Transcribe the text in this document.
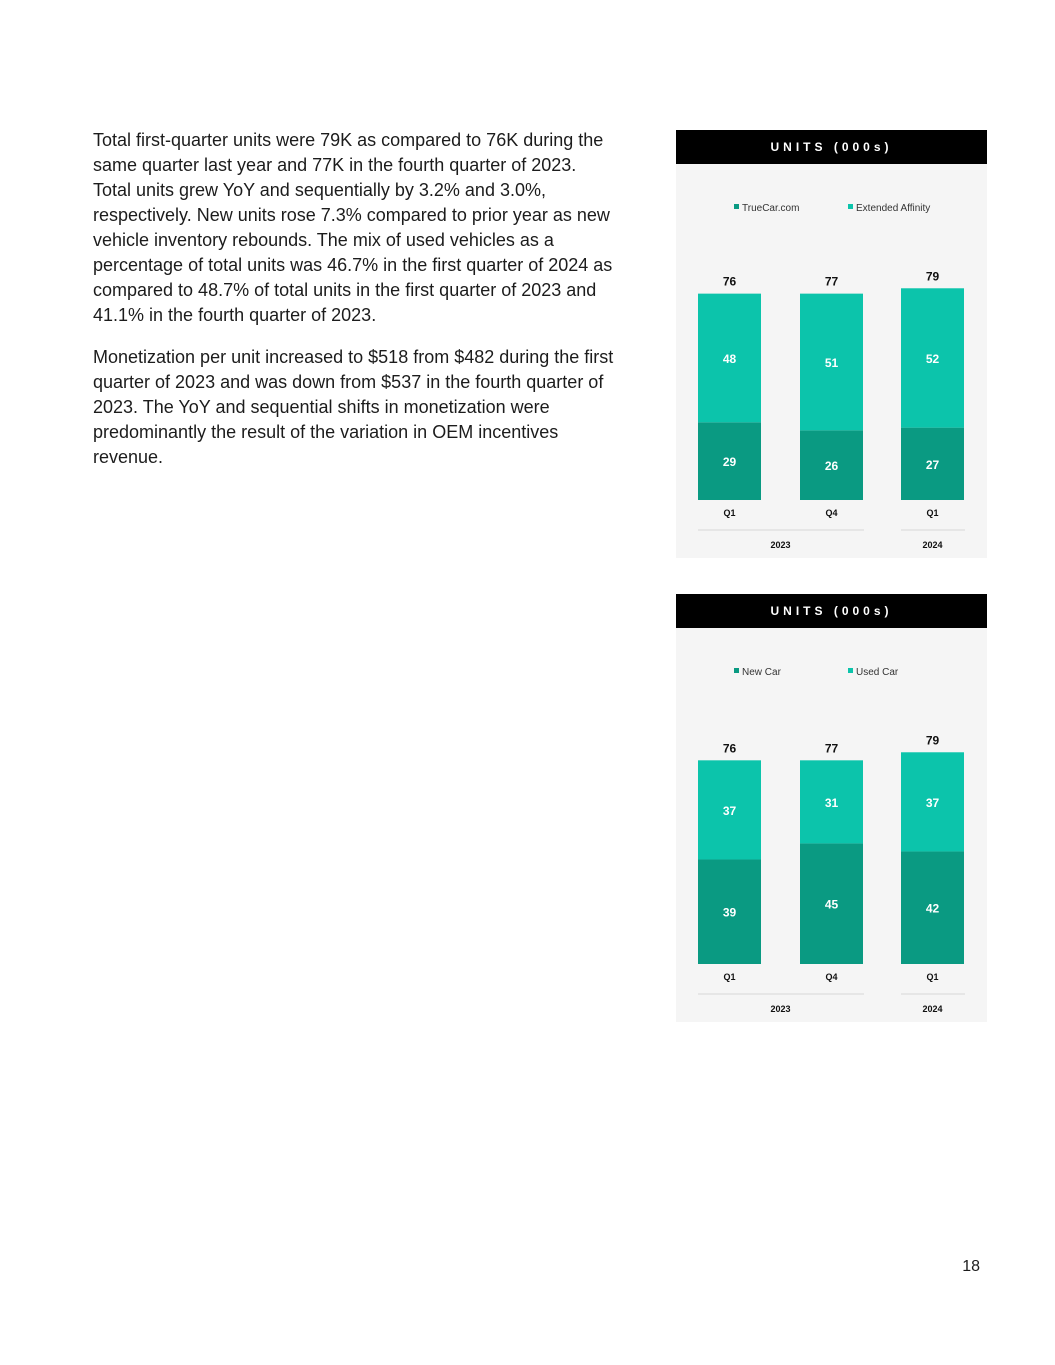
Total first-quarter units were 79K as compared to 76K during the same quarter last year and 77K in the fourth quarter of 2023. Total units grew YoY and sequentially by 3.2% and 3.0%, respectively. New units rose 7.3% compared to prior year as new vehicle inventory rebounds. The mix of used vehicles as a percentage of total units was 46.7% in the first quarter of 2024 as compared to 48.7% of total units in the first quarter of 2023 and 41.1% in the fourth quarter of 2023.

Monetization per unit increased to $518 from $482 during the first quarter of 2023 and was down from $537 in the fourth quarter of 2023. The YoY and sequential shifts in monetization were predominantly the result of the variation in OEM incentives revenue.

TrueCar.com	Extended Affinity
29
48
76
Q1
26
51
77
Q4
27
52
79
Q1
2023	2024
UNITS (000s)
New Car	Used Car
39
37
76
Q1
45
31
77
Q4
42
37
79
Q1
2023	2024
UNITS (000s)
18
